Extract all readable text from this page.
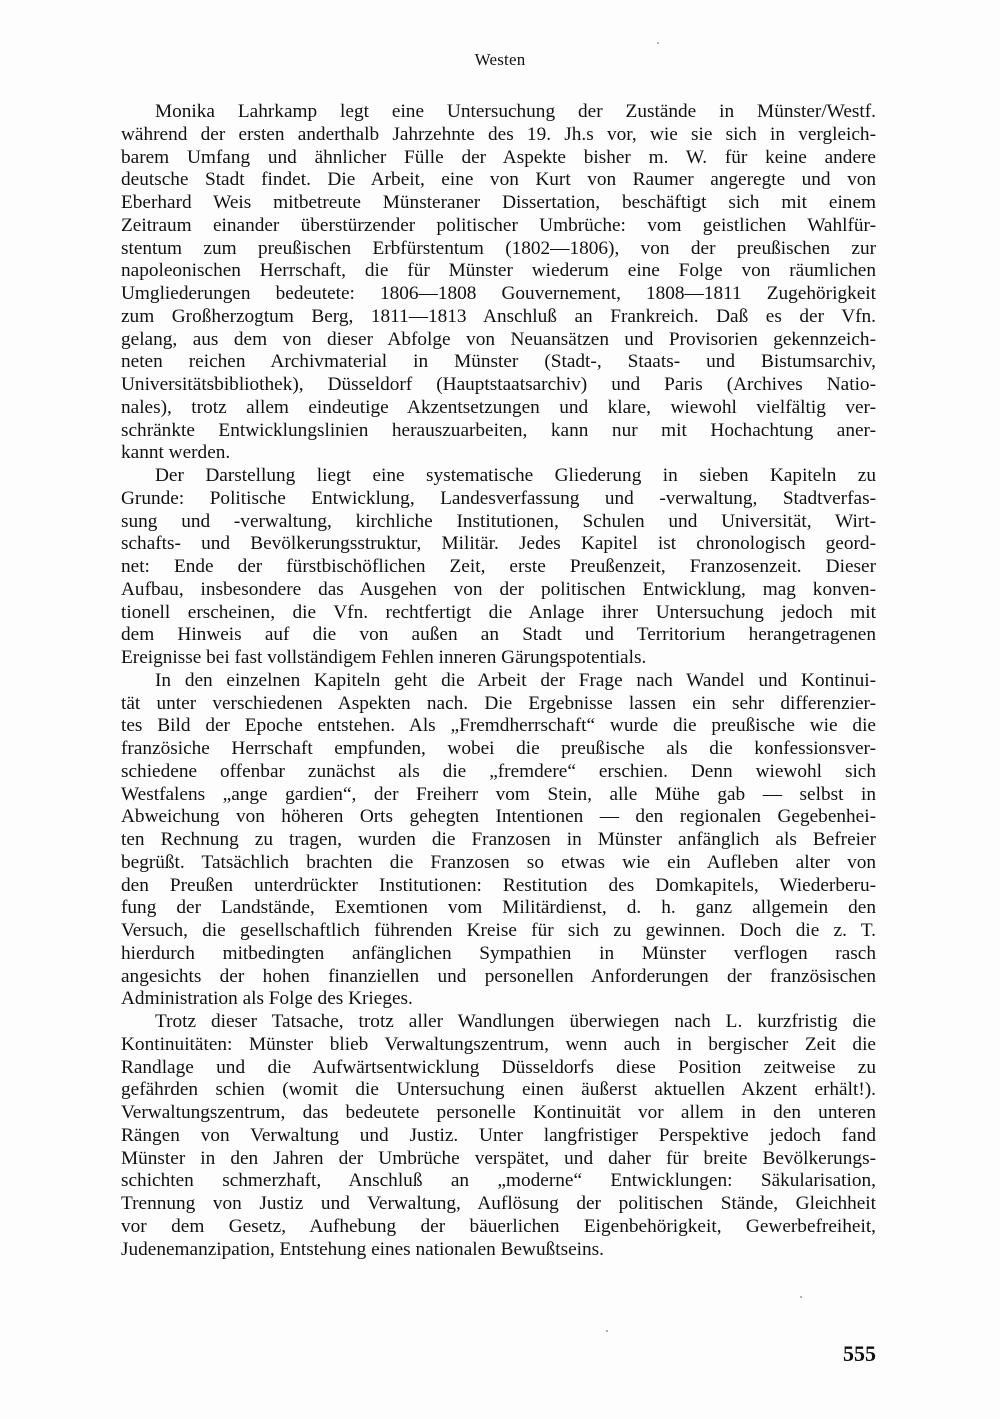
Westen
Monika Lahrkamp legt eine Untersuchung der Zustände in Münster/Westf.
während der ersten anderthalb Jahrzehnte des 19. Jh.s vor, wie sie sich in vergleich-
barem Umfang und ähnlicher Fülle der Aspekte bisher m. W. für keine andere
deutsche Stadt findet. Die Arbeit, eine von Kurt von Raumer angeregte und von
Eberhard Weis mitbetreute Münsteraner Dissertation, beschäftigt sich mit einem
Zeitraum einander überstürzender politischer Umbrüche: vom geistlichen Wahlfür-
stentum zum preußischen Erbfürstentum (1802—1806), von der preußischen zur
napoleonischen Herrschaft, die für Münster wiederum eine Folge von räumlichen
Umgliederungen bedeutete: 1806—1808 Gouvernement, 1808—1811 Zugehörigkeit
zum Großherzogtum Berg, 1811—1813 Anschluß an Frankreich. Daß es der Vfn.
gelang, aus dem von dieser Abfolge von Neuansätzen und Provisorien gekennzeich-
neten reichen Archivmaterial in Münster (Stadt-, Staats- und Bistumsarchiv,
Universitätsbibliothek), Düsseldorf (Hauptstaatsarchiv) und Paris (Archives Natio-
nales), trotz allem eindeutige Akzentsetzungen und klare, wiewohl vielfältig ver-
schränkte Entwicklungslinien herauszuarbeiten, kann nur mit Hochachtung aner-
kannt werden.
Der Darstellung liegt eine systematische Gliederung in sieben Kapiteln zu
Grunde: Politische Entwicklung, Landesverfassung und -verwaltung, Stadtverfas-
sung und -verwaltung, kirchliche Institutionen, Schulen und Universität, Wirt-
schafts- und Bevölkerungsstruktur, Militär. Jedes Kapitel ist chronologisch geord-
net: Ende der fürstbischöflichen Zeit, erste Preußenzeit, Franzosenzeit. Dieser
Aufbau, insbesondere das Ausgehen von der politischen Entwicklung, mag konven-
tionell erscheinen, die Vfn. rechtfertigt die Anlage ihrer Untersuchung jedoch mit
dem Hinweis auf die von außen an Stadt und Territorium herangetragenen
Ereignisse bei fast vollständigem Fehlen inneren Gärungspotentials.
In den einzelnen Kapiteln geht die Arbeit der Frage nach Wandel und Kontinui-
tät unter verschiedenen Aspekten nach. Die Ergebnisse lassen ein sehr differenzier-
tes Bild der Epoche entstehen. Als „Fremdherrschaft“ wurde die preußische wie die
französiche Herrschaft empfunden, wobei die preußische als die konfessionsver-
schiedene offenbar zunächst als die „fremdere“ erschien. Denn wiewohl sich
Westfalens „ange gardien“, der Freiherr vom Stein, alle Mühe gab — selbst in
Abweichung von höheren Orts gehegten Intentionen — den regionalen Gegebenhei-
ten Rechnung zu tragen, wurden die Franzosen in Münster anfänglich als Befreier
begrüßt. Tatsächlich brachten die Franzosen so etwas wie ein Aufleben alter von
den Preußen unterdrückter Institutionen: Restitution des Domkapitels, Wiederberu-
fung der Landstände, Exemtionen vom Militärdienst, d. h. ganz allgemein den
Versuch, die gesellschaftlich führenden Kreise für sich zu gewinnen. Doch die z. T.
hierdurch mitbedingten anfänglichen Sympathien in Münster verflogen rasch
angesichts der hohen finanziellen und personellen Anforderungen der französischen
Administration als Folge des Krieges.
Trotz dieser Tatsache, trotz aller Wandlungen überwiegen nach L. kurzfristig die
Kontinuitäten: Münster blieb Verwaltungszentrum, wenn auch in bergischer Zeit die
Randlage und die Aufwärtsentwicklung Düsseldorfs diese Position zeitweise zu
gefährden schien (womit die Untersuchung einen äußerst aktuellen Akzent erhält!).
Verwaltungszentrum, das bedeutete personelle Kontinuität vor allem in den unteren
Rängen von Verwaltung und Justiz. Unter langfristiger Perspektive jedoch fand
Münster in den Jahren der Umbrüche verspätet, und daher für breite Bevölkerungs-
schichten schmerzhaft, Anschluß an „moderne“ Entwicklungen: Säkularisation,
Trennung von Justiz und Verwaltung, Auflösung der politischen Stände, Gleichheit
vor dem Gesetz, Aufhebung der bäuerlichen Eigenbehörigkeit, Gewerbefreiheit,
Judenemanzipation, Entstehung eines nationalen Bewußtseins.
555
